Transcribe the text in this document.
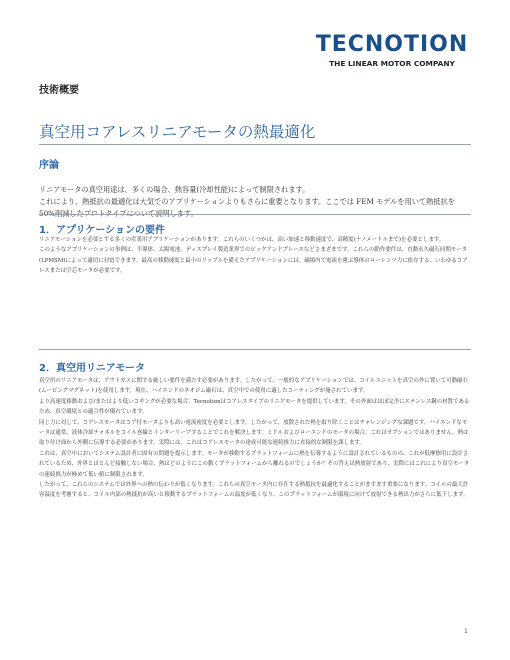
TECNOTION
THE LINEAR MOTOR COMPANY
技術概要
真空用コアレスリニアモータの熱最適化
序論

リニアモータの真空用途は、多くの場合、熱容量(冷却性能)によって制限されます。

これにより、熱抵抗の最適化は大気でのアプリケーションよりもさらに重要となります。ここでは FEM モデルを用いて熱抵抗を 50%削減したプロトタイプについて説明します。

1．アプリケーションの要件

リニアモーションを必要とする多くの産業用アプリケーションがあります。これらのいくつかは、高い加速と移動速度で、高精度(ナノメートルまで)を必要とします。

このようなアプリケーションの事例は、半導体、太陽電池、ディスプレイ製造業界でのピックアンドプレースなどさまざまです。これらの動作要件は、直動永久磁石同期モータ(LPMSM)によって適切に対処できます。最高の移動速度と最小のリップルを備えたアプリケーションには、磁場内で電流を運ぶ導体のローレンツ力に依存する、いわゆるコアレスまたは空芯モータが必要です。

2．真空用リニアモータ

真空用のリニアモータは、アウトガスに関する厳しい要件を満たす必要があります。したがって、一般的なアプリケーションでは、コイルユニットを真空の外に置いて可動磁石(ムービングマグネット)を使用します。現在、ハイエンドのネオジム磁石は、真空中での使用に適したコーティングが施されています。

より高速度移動および/またはより低いコギングが必要な場合、Tecnotionはコアレスタイプのリニアモータを提供しています。その外面はほぼ完全にステンレス鋼の材質であるため、真空環境との適合性が優れています。

同じ力に対して、コアレスモータはコア付モータよりも高い電流密度を必要とします。したがって、放散された熱を取り除くことはチャレンジングな課題です。ハイエンドなモータは通常、液体冷却チャネルをコイル巻線とインターリーブすることでこれを解決します。ミドルおよびローエンドのモータの場合、これはオプションではありません。熱は取り付け面から外側に伝導する必要があります。実際には、これはコアレスモータの達成可能な連続推力に直接的な制限を課します。

これは、真空中においてシステム設計者に固有の問題を提示します。モータが移動するプラットフォームに熱を伝導するように設計されているものの、これが低摩擦用に設計されているため、外界とほとんど接触しない場合、熱はどのようにこの動くプラットフォームから離れるのでしょうか？その答えは熱放射であり、実際にはこれにより真空モータの連続推力が極めて低い値に制限されます。

したがって、これらのシステムでは外界への熱の伝わりが低くなります。これらの真空モータ内に存在する熱抵抗を最適化することがますます重要になります。コイルの最大許容温度を考慮すると、コイル内部の熱抵抗が高いと移動するプラットフォームの温度が低くなり、このプラットフォームが環境に向けて放射できる熱出力がさらに低下します。

1
